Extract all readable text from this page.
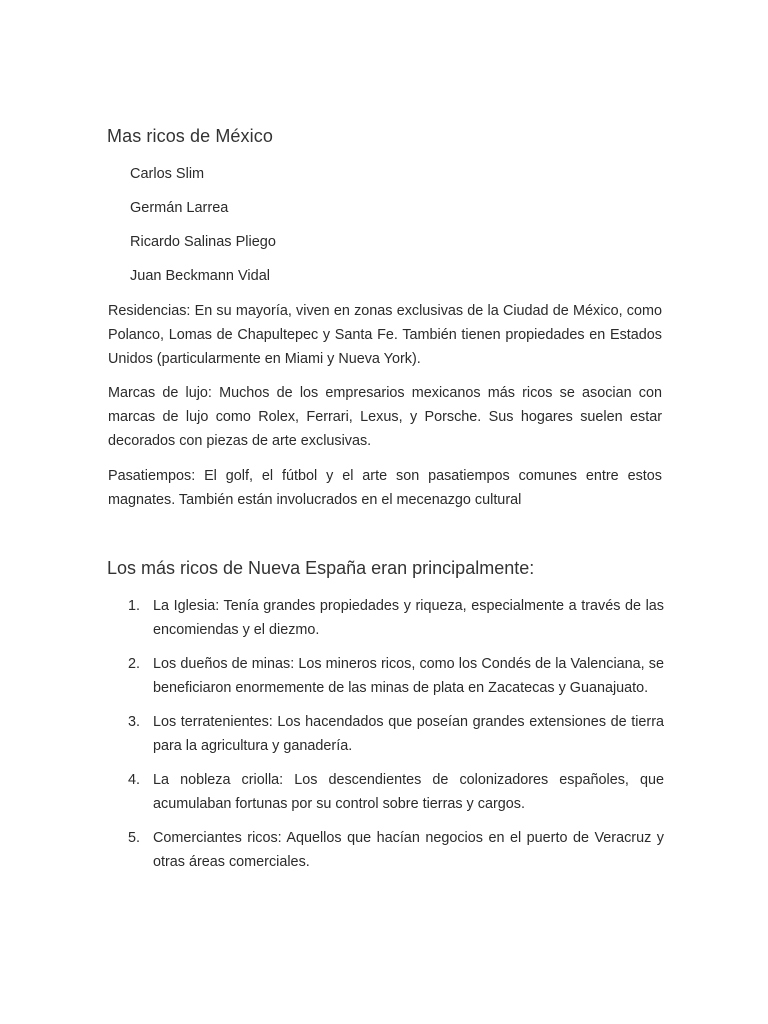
Mas ricos de México
Carlos Slim
Germán Larrea
Ricardo Salinas Pliego
Juan Beckmann Vidal

Residencias: En su mayoría, viven en zonas exclusivas de la Ciudad de México, como Polanco, Lomas de Chapultepec y Santa Fe. También tienen propiedades en Estados Unidos (particularmente en Miami y Nueva York).

Marcas de lujo: Muchos de los empresarios mexicanos más ricos se asocian con marcas de lujo como Rolex, Ferrari, Lexus, y Porsche. Sus hogares suelen estar decorados con piezas de arte exclusivas.

Pasatiempos: El golf, el fútbol y el arte son pasatiempos comunes entre estos magnates. También están involucrados en el mecenazgo cultural

Los más ricos de Nueva España eran principalmente:
1. La Iglesia: Tenía grandes propiedades y riqueza, especialmente a través de las encomiendas y el diezmo.
2. Los dueños de minas: Los mineros ricos, como los Condés de la Valenciana, se beneficiaron enormemente de las minas de plata en Zacatecas y Guanajuato.
3. Los terratenientes: Los hacendados que poseían grandes extensiones de tierra para la agricultura y ganadería.
4. La nobleza criolla: Los descendientes de colonizadores españoles, que acumulaban fortunas por su control sobre tierras y cargos.
5. Comerciantes ricos: Aquellos que hacían negocios en el puerto de Veracruz y otras áreas comerciales.
